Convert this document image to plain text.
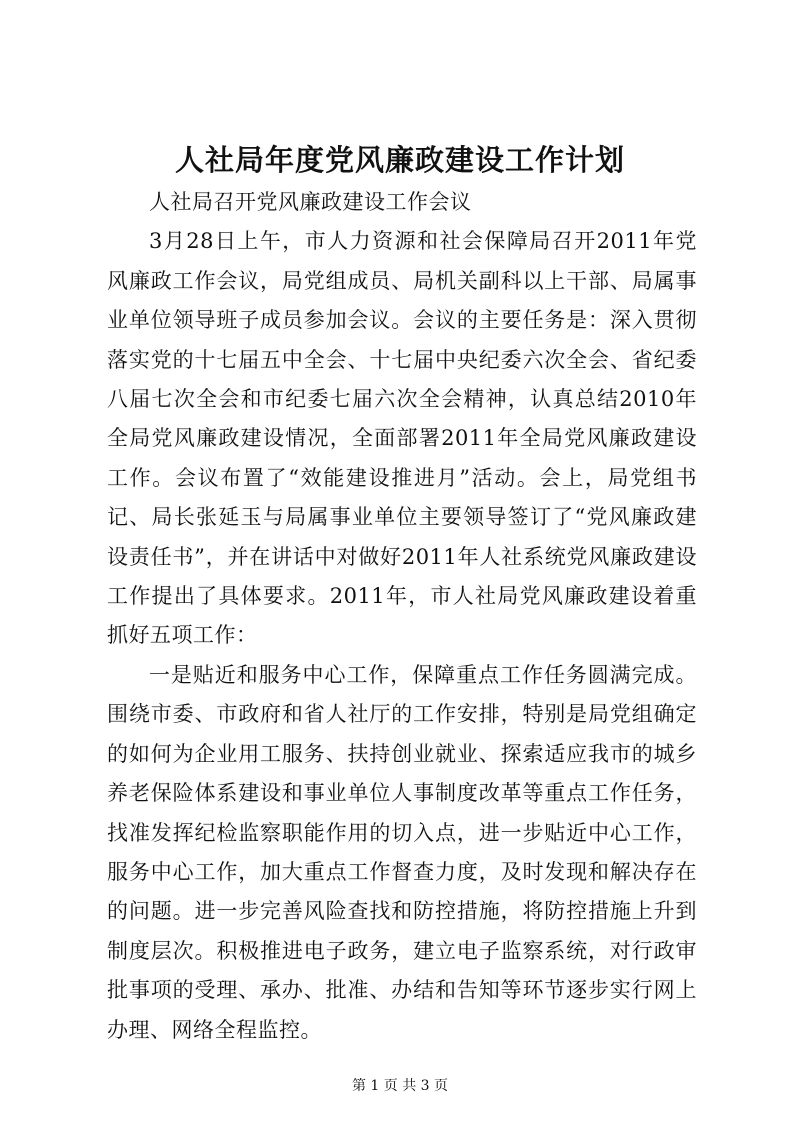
人社局年度党风廉政建设工作计划

人社局召开党风廉政建设工作会议

3月28日上午，市人力资源和社会保障局召开2011年党风廉政工作会议，局党组成员、局机关副科以上干部、局属事业单位领导班子成员参加会议。会议的主要任务是：深入贯彻落实党的十七届五中全会、十七届中央纪委六次全会、省纪委八届七次全会和市纪委七届六次全会精神，认真总结2010年全局党风廉政建设情况，全面部署2011年全局党风廉政建设工作。会议布置了“效能建设推进月”活动。会上，局党组书记、局长张延玉与局属事业单位主要领导签订了“党风廉政建设责任书”，并在讲话中对做好2011年人社系统党风廉政建设工作提出了具体要求。2011年，市人社局党风廉政建设着重抓好五项工作：

一是贴近和服务中心工作，保障重点工作任务圆满完成。围绕市委、市政府和省人社厅的工作安排，特别是局党组确定的如何为企业用工服务、扶持创业就业、探索适应我市的城乡养老保险体系建设和事业单位人事制度改革等重点工作任务，找准发挥纪检监察职能作用的切入点，进一步贴近中心工作，服务中心工作，加大重点工作督查力度，及时发现和解决存在的问题。进一步完善风险查找和防控措施，将防控措施上升到制度层次。积极推进电子政务，建立电子监察系统，对行政审批事项的受理、承办、批准、办结和告知等环节逐步实行网上办理、网络全程监控。

第 1 页 共 3 页
